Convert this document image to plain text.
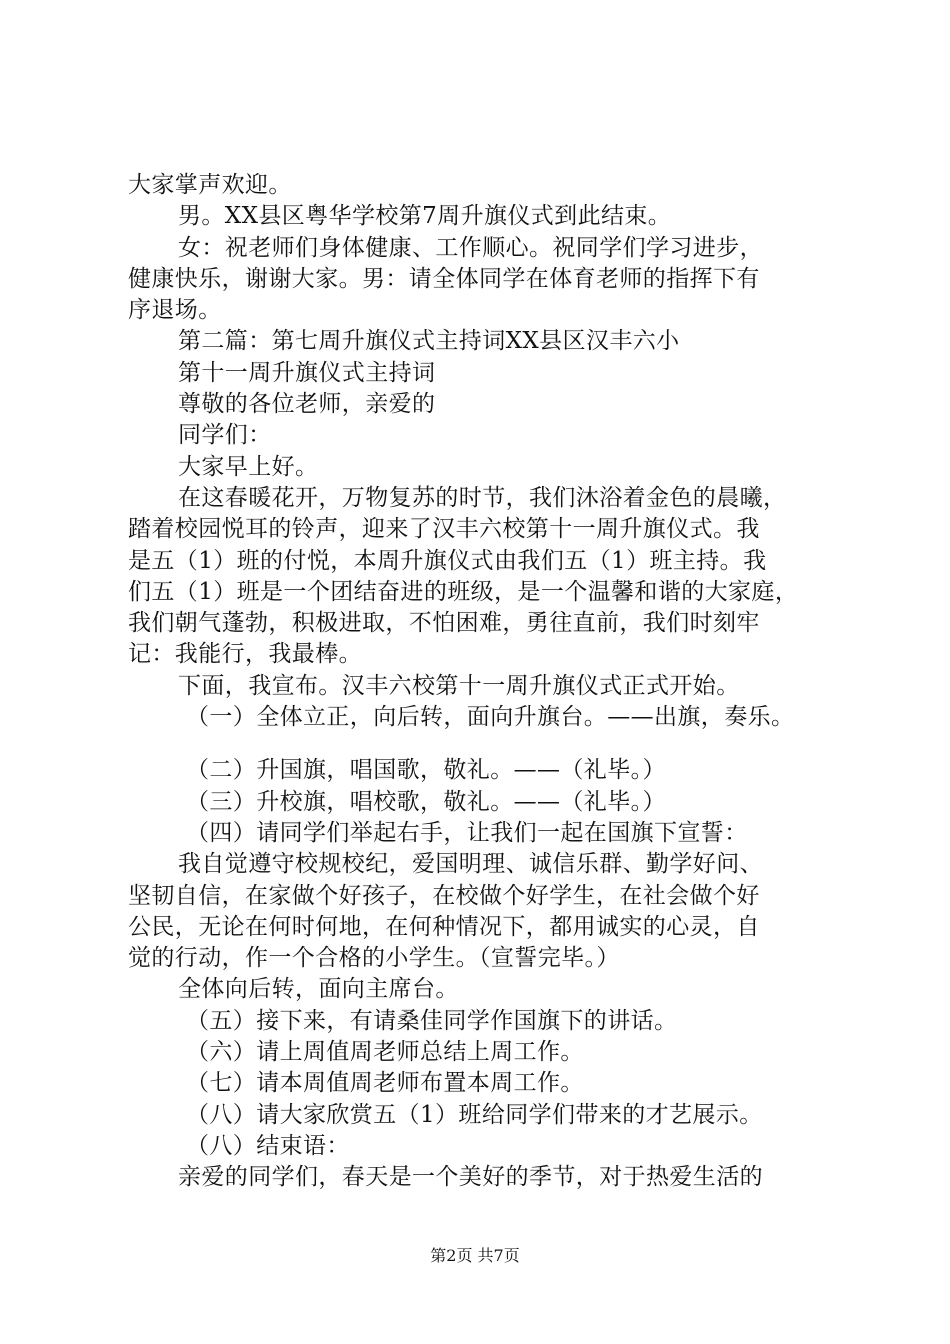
大家掌声欢迎。
男。XX县区粤华学校第7周升旗仪式到此结束。
女：祝老师们身体健康、工作顺心。祝同学们学习进步，
健康快乐，谢谢大家。男：请全体同学在体育老师的指挥下有
序退场。
第二篇：第七周升旗仪式主持词XX县区汉丰六小
第十一周升旗仪式主持词
尊敬的各位老师，亲爱的
同学们：
大家早上好。
在这春暖花开，万物复苏的时节，我们沐浴着金色的晨曦，
踏着校园悦耳的铃声，迎来了汉丰六校第十一周升旗仪式。我
是五（1）班的付悦，本周升旗仪式由我们五（1）班主持。我
们五（1）班是一个团结奋进的班级，是一个温馨和谐的大家庭，
我们朝气蓬勃，积极进取，不怕困难，勇往直前，我们时刻牢
记：我能行，我最棒。
下面，我宣布。汉丰六校第十一周升旗仪式正式开始。
（一）全体立正，向后转，面向升旗台。——出旗，奏乐。
（二）升国旗，唱国歌，敬礼。——（礼毕。）
（三）升校旗，唱校歌，敬礼。——（礼毕。）
（四）请同学们举起右手，让我们一起在国旗下宣誓：
我自觉遵守校规校纪，爱国明理、诚信乐群、勤学好问、
坚韧自信，在家做个好孩子，在校做个好学生，在社会做个好
公民，无论在何时何地，在何种情况下，都用诚实的心灵，自
觉的行动，作一个合格的小学生。（宣誓完毕。）
全体向后转，面向主席台。
（五）接下来，有请桑佳同学作国旗下的讲话。
（六）请上周值周老师总结上周工作。
（七）请本周值周老师布置本周工作。
（八）请大家欣赏五（1）班给同学们带来的才艺展示。
（八）结束语：
亲爱的同学们，春天是一个美好的季节，对于热爱生活的
第2页 共7页
